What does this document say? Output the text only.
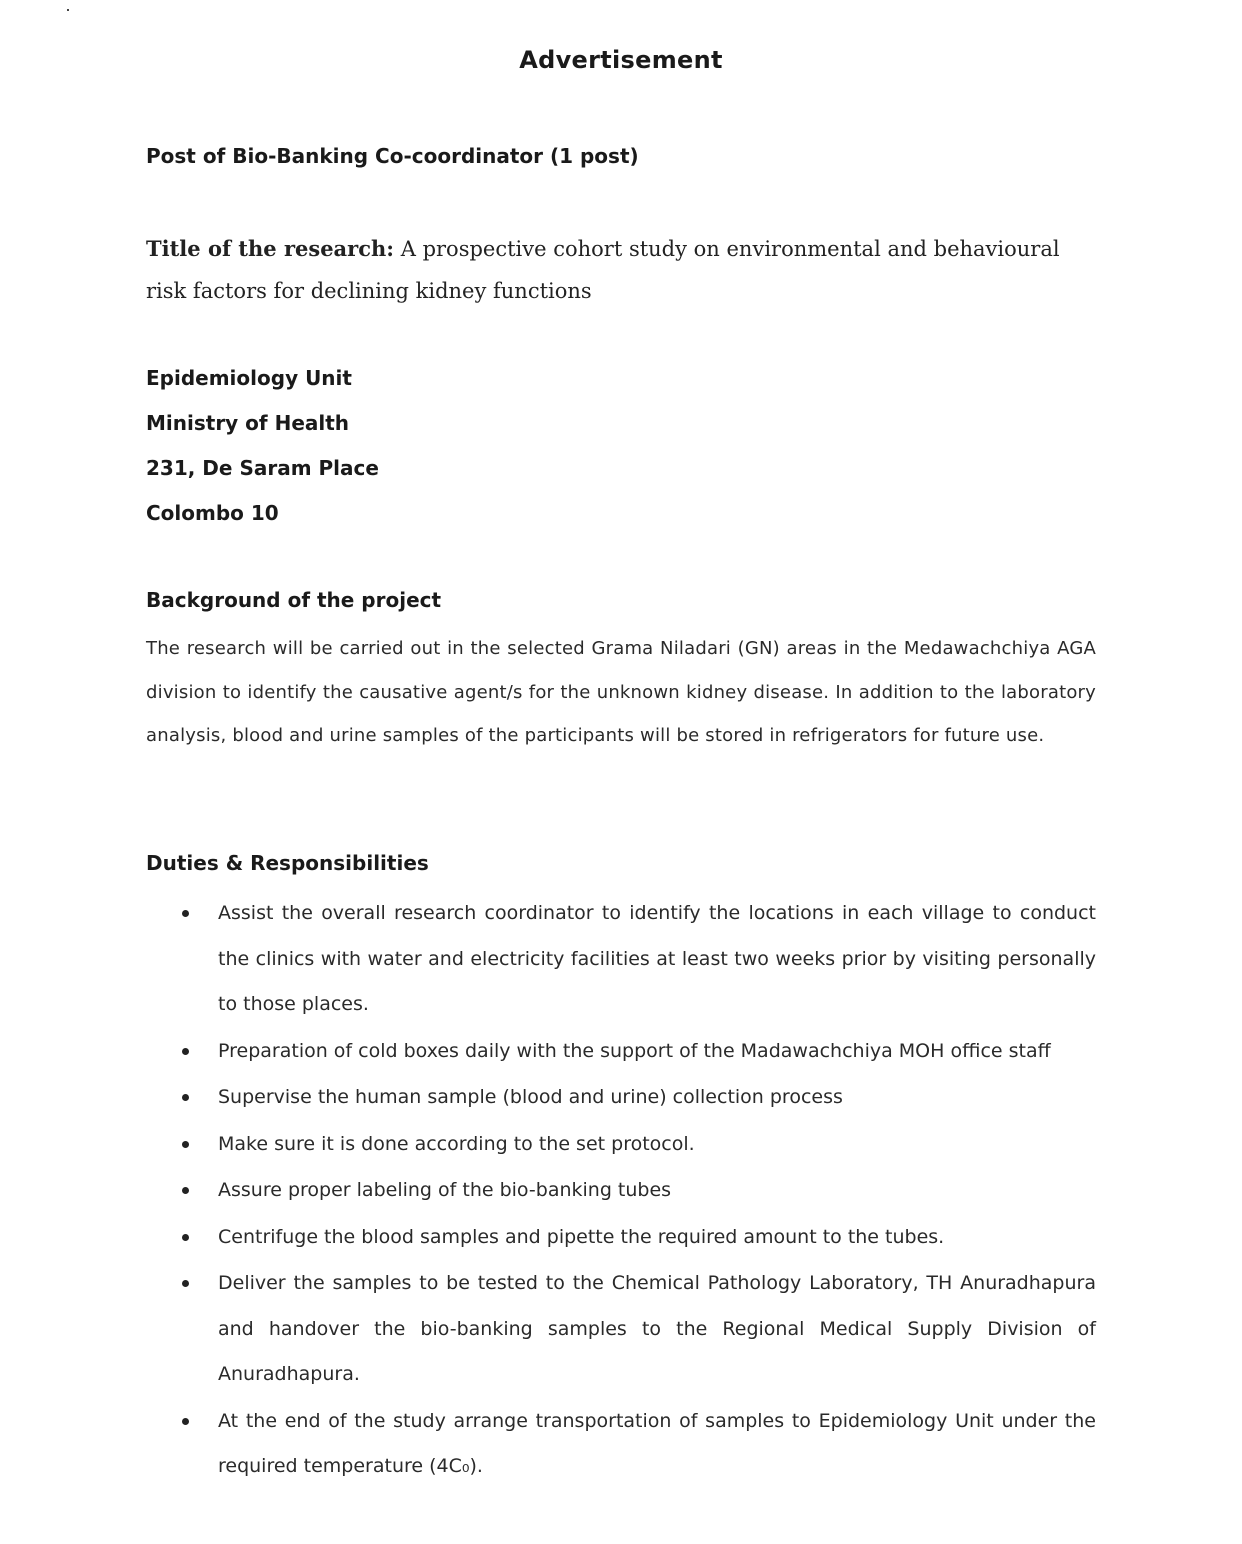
Advertisement
Post of Bio-Banking Co-coordinator (1 post)
Title of the research: A prospective cohort study on environmental and behavioural risk factors for declining kidney functions
Epidemiology Unit
Ministry of Health
231, De Saram Place
Colombo 10
Background of the project
The research will be carried out in the selected Grama Niladari (GN) areas in the Medawachchiya AGA division to identify the causative agent/s for the unknown kidney disease. In addition to the laboratory analysis, blood and urine samples of the participants will be stored in refrigerators for future use.
Duties & Responsibilities
Assist the overall research coordinator to identify the locations in each village to conduct the clinics with water and electricity facilities at least two weeks prior by visiting personally to those places.
Preparation of cold boxes daily with the support of the Madawachchiya MOH office staff
Supervise the human sample (blood and urine) collection process
Make sure it is done according to the set protocol.
Assure proper labeling of the bio-banking tubes
Centrifuge the blood samples and pipette the required amount to the tubes.
Deliver the samples to be tested to the Chemical Pathology Laboratory, TH Anuradhapura and handover the bio-banking samples to the Regional Medical Supply Division of Anuradhapura.
At the end of the study arrange transportation of samples to Epidemiology Unit under the required temperature (4C₀).
